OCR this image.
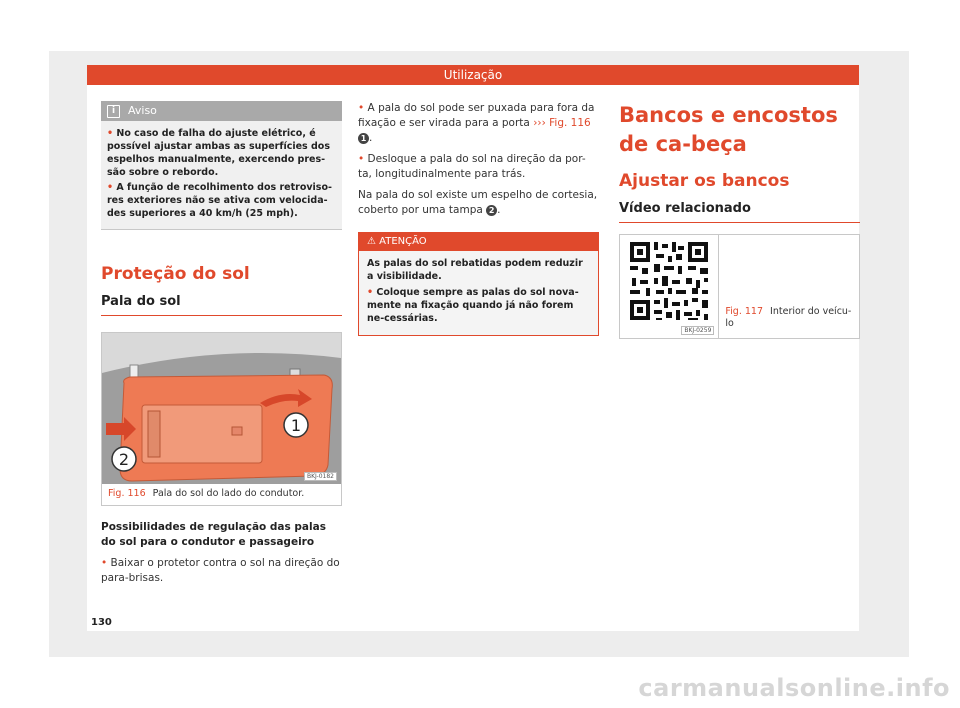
Utilização
i	Aviso

• No caso de falha do ajuste elétrico, é possível ajustar ambas as superfícies dos espelhos manualmente, exercendo pres-são sobre o rebordo.

• A função de recolhimento dos retroviso-res exteriores não se ativa com velocida-des superiores a 40 km/h (25 mph).

Proteção do sol
Pala do sol
1
2
BKJ-0182
Fig. 116 Pala do sol do lado do condutor.

Possibilidades de regulação das palas do sol para o condutor e passageiro

• Baixar o protetor contra o sol na direção do para-brisas.

• A pala do sol pode ser puxada para fora da fixação e ser virada para a porta ››› Fig. 116 1 .

• Desloque a pala do sol na direção da por-ta, longitudinalmente para trás.

Na pala do sol existe um espelho de cortesia, coberto por uma tampa 2 .

⚠ ATENÇÃO

As palas do sol rebatidas podem reduzir a visibilidade.

• Coloque sempre as palas do sol nova-mente na fixação quando já não forem ne-cessárias.

Bancos e encostos de ca-beça
Ajustar os bancos
Vídeo relacionado
BKJ-0259
Fig. 117 Interior do veícu-lo
130
carmanualsonline.info
